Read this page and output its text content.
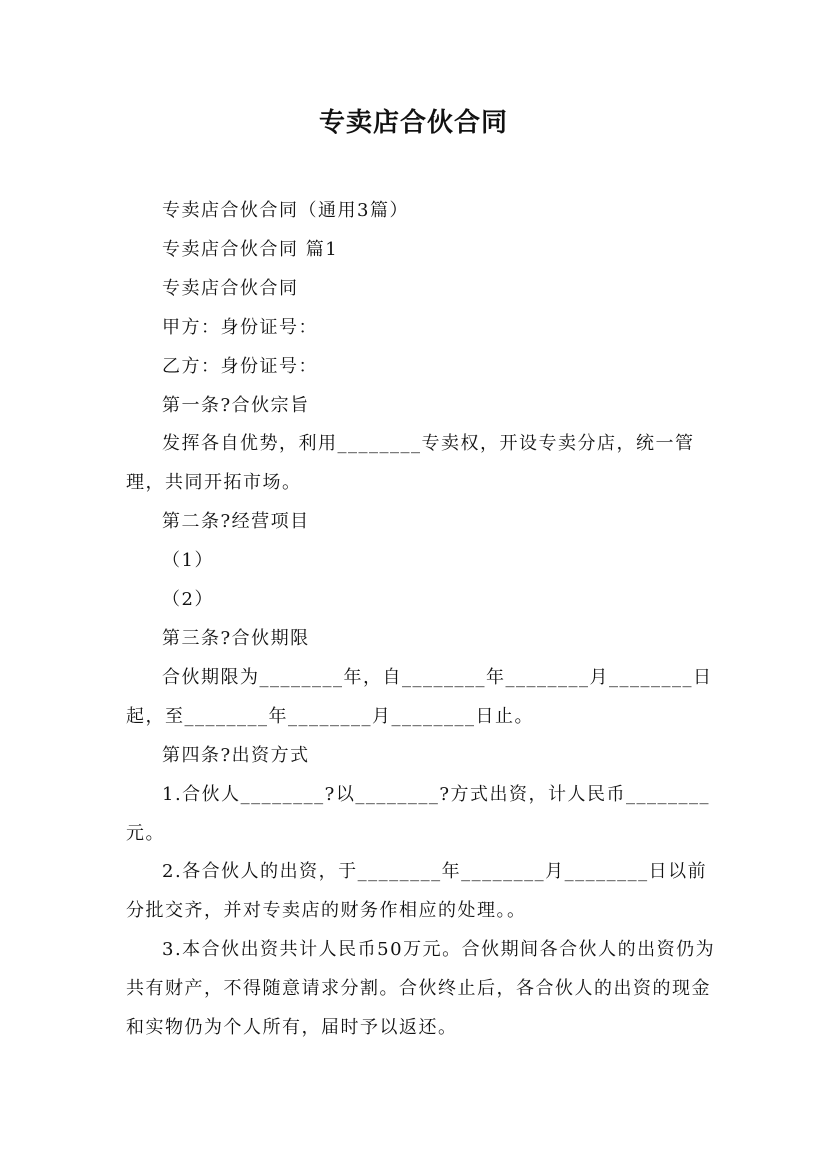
专卖店合伙合同

专卖店合伙合同（通用3篇）

专卖店合伙合同 篇1

专卖店合伙合同

甲方：身份证号：

乙方：身份证号：

第一条?合伙宗旨

发挥各自优势，利用________专卖权，开设专卖分店，统一管理，共同开拓市场。

第二条?经营项目

（1）

（2）

第三条?合伙期限

合伙期限为________年，自________年________月________日起，至________年________月________日止。

第四条?出资方式

1.合伙人________?以________?方式出资，计人民币________元。

2.各合伙人的出资，于________年________月________日以前分批交齐，并对专卖店的财务作相应的处理。。

3.本合伙出资共计人民币50万元。合伙期间各合伙人的出资仍为共有财产，不得随意请求分割。合伙终止后，各合伙人的出资的现金和实物仍为个人所有，届时予以返还。
